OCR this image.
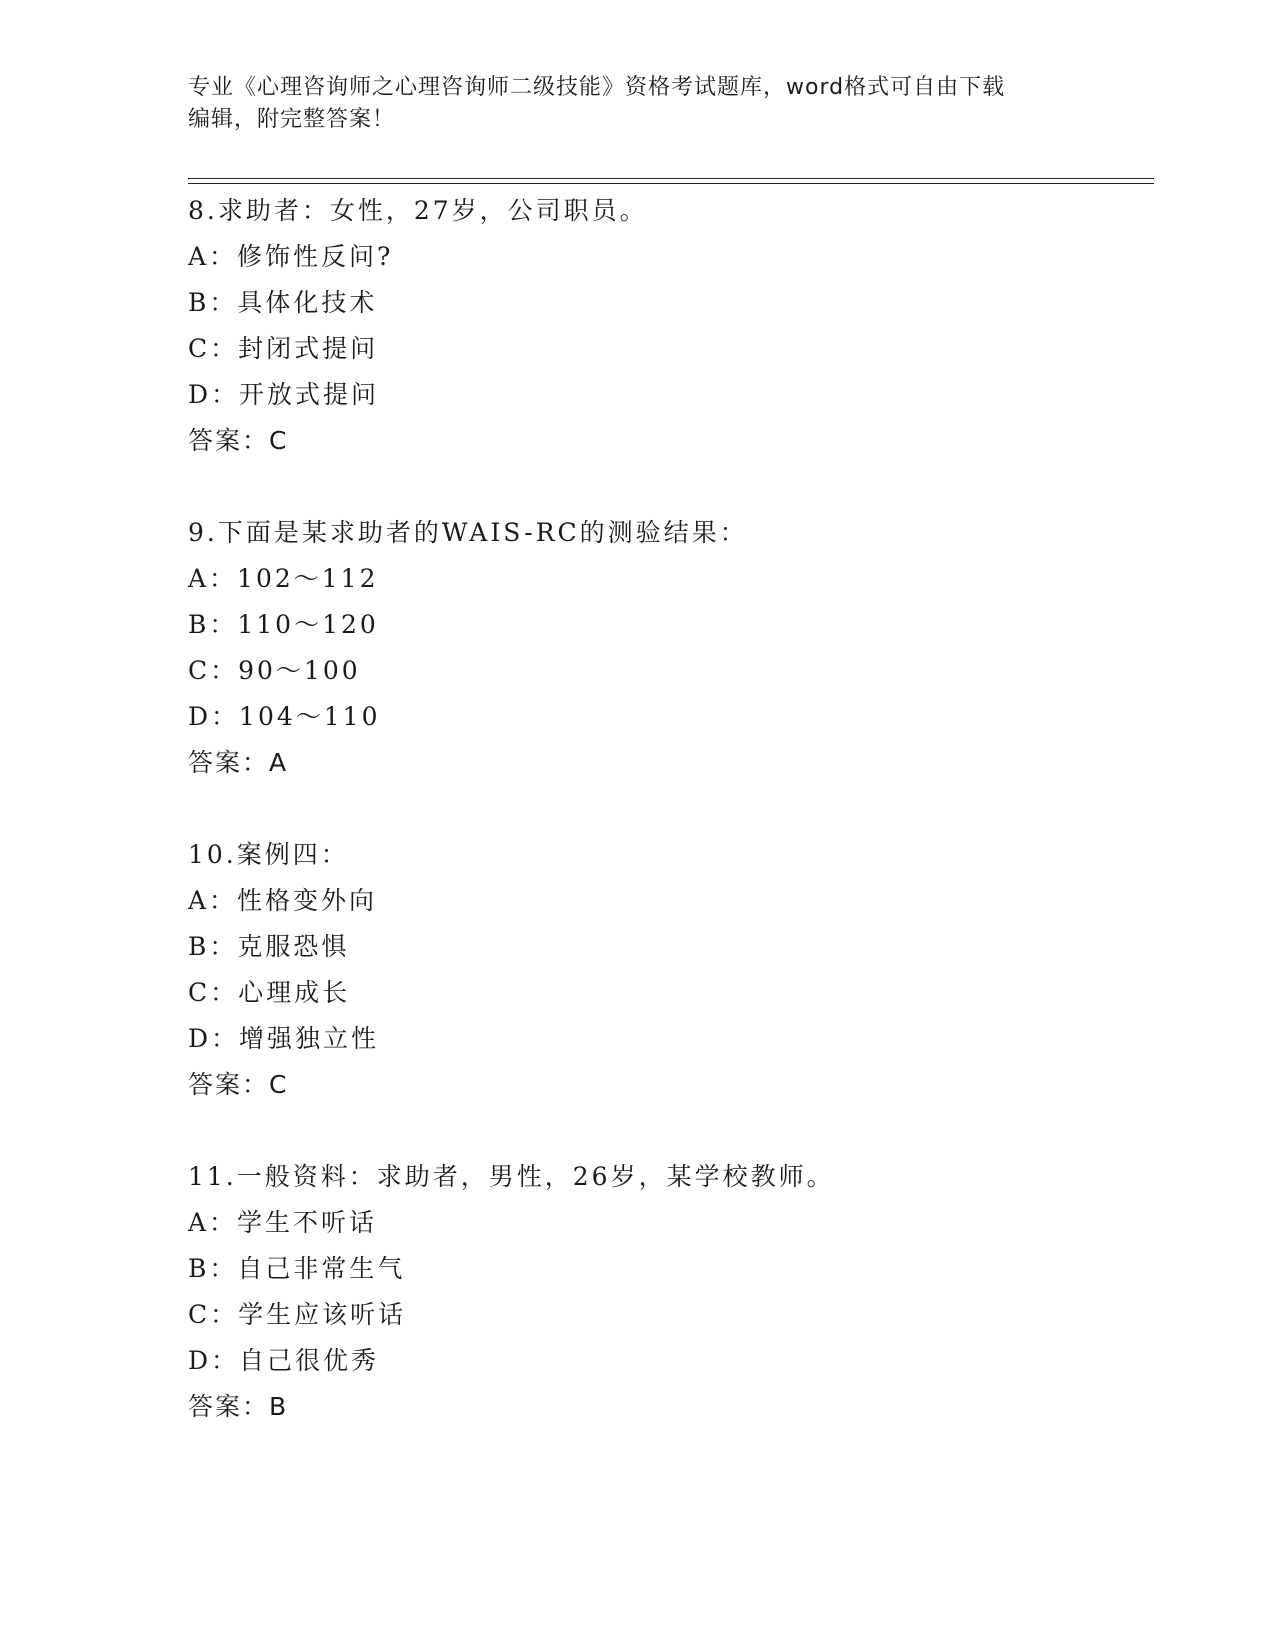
专业《心理咨询师之心理咨询师二级技能》资格考试题库，word格式可自由下载
编辑，附完整答案！
8.求助者：女性，27岁，公司职员。
A：修饰性反问?
B：具体化技术
C：封闭式提问
D：开放式提问
答案：C
9.下面是某求助者的WAIS-RC的测验结果：
A：102～112
B：110～120
C：90～100
D：104～110
答案：A
10.案例四：
A：性格变外向
B：克服恐惧
C：心理成长
D：增强独立性
答案：C
11.一般资料：求助者，男性，26岁，某学校教师。
A：学生不听话
B：自己非常生气
C：学生应该听话
D：自己很优秀
答案：B
